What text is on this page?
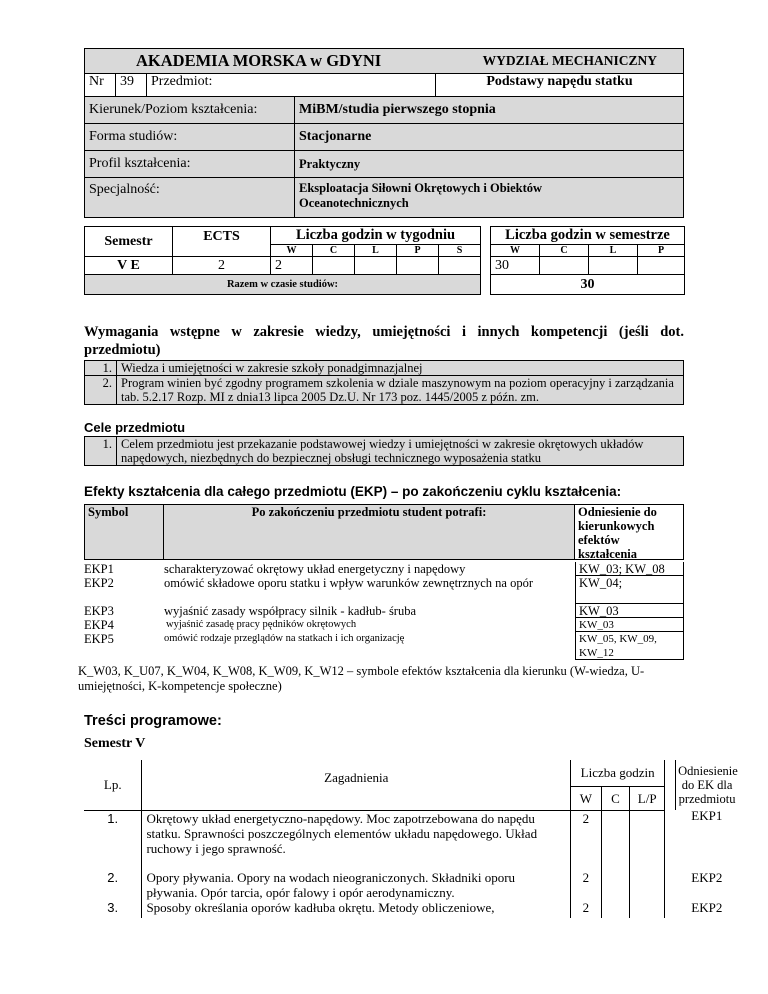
AKADEMIA MORSKA w GDYNI			WYDZIAŁ MECHANICZNY
Nr	39	Przedmiot:	Podstawy napędu statku
Kierunek/Poziom kształcenia:	MiBM/studia pierwszego stopnia
Forma studiów:	Stacjonarne
Profil kształcenia:	Praktyczny
Specjalność:	Eksploatacja Siłowni Okrętowych i Obiektów Oceanotechnicznych
Semestr	ECTS	Liczba godzin w tygodniu						Liczba godzin w semestrze			
		W	C	L	P	S		W	C	L	P
V E	2	2						30			
Razem w czasie studiów:								30			
Wymagania wstępne w zakresie wiedzy, umiejętności i innych kompetencji (jeśli dot. przedmiotu)
1.	Wiedza i umiejętności w zakresie szkoły ponadgimnazjalnej
2.	Program winien być zgodny programem szkolenia w dziale maszynowym na poziom operacyjny i zarządzania tab. 5.2.17 Rozp. MI z dnia13 lipca 2005 Dz.U. Nr 173 poz. 1445/2005 z późn. zm.
Cele przedmiotu
1.	Celem przedmiotu jest przekazanie podstawowej wiedzy i umiejętności w zakresie okrętowych układów napędowych, niezbędnych do bezpiecznej obsługi technicznego wyposażenia statku
Efekty kształcenia dla całego przedmiotu (EKP) – po zakończeniu cyklu kształcenia:
Symbol	Po zakończeniu przedmiotu student potrafi:	Odniesienie do kierunkowych efektów kształcenia
EKP1	scharakteryzować okrętowy układ energetyczny i napędowy	KW_03; KW_08
EKP2	omówić składowe oporu statku i wpływ warunków zewnętrznych na opór	KW_04;
EKP3	wyjaśnić zasady współpracy silnik - kadłub- śruba	KW_03
EKP4	wyjaśnić zasadę pracy pędników okrętowych	KW_03
EKP5	omówić rodzaje przeglądów na statkach i ich organizację	KW_05, KW_09, KW_12
K_W03, K_U07, K_W04, K_W08, K_W09, K_W12 – symbole efektów kształcenia dla kierunku (W-wiedza, U-umiejętności, K-kompetencje społeczne)
Treści programowe:
Semestr V
Lp.	Zagadnienia	Liczba godzin				Odniesienie do EK dla przedmiotu
		W	C	L/P		
1.	Okrętowy układ energetyczno-napędowy. Moc zapotrzebowana do napędu statku. Sprawności poszczególnych elementów układu napędowego. Układ ruchowy i jego sprawność.	2				EKP1
2.	Opory pływania. Opory na wodach nieograniczonych. Składniki oporu pływania. Opór tarcia, opór falowy i opór aerodynamiczny.	2				EKP2
3.	Sposoby określania oporów kadłuba okrętu. Metody obliczeniowe,	2				EKP2
